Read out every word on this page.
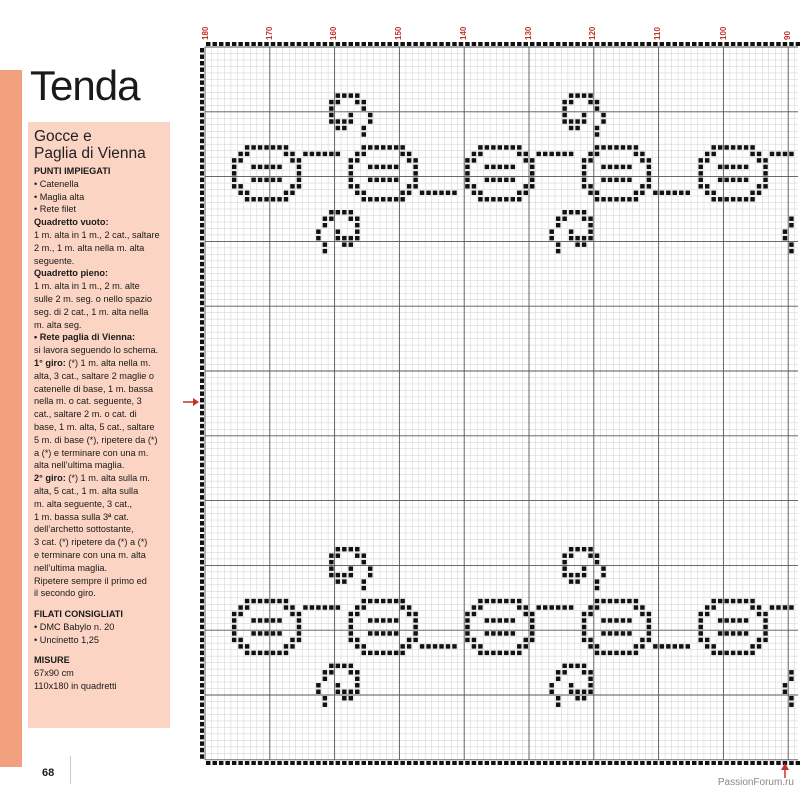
Tenda
Gocce e
Paglia di Vienna
PUNTI IMPIEGATI
• Catenella
• Maglia alta
• Rete filet
Quadretto vuoto:
1 m. alta in 1 m., 2 cat., saltare
2 m., 1 m. alta nella m. alta
seguente.
Quadretto pieno:
1 m. alta in 1 m., 2 m. alte
sulle 2 m. seg. o nello spazio
seg. di 2 cat., 1 m. alta nella
m. alta seg.
• Rete paglia di Vienna:
si lavora seguendo lo schema.
1° giro: (*) 1 m. alta nella m.
alta, 3 cat., saltare 2 maglie o
catenelle di base, 1 m. bassa
nella m. o cat. seguente, 3
cat., saltare 2 m. o cat. di
base, 1 m. alta, 5 cat., saltare
5 m. di base (*), ripetere da (*)
a (*) e terminare con una m.
alta nell’ultima maglia.
2° giro: (*) 1 m. alta sulla m.
alta, 5 cat., 1 m. alta sulla
m. alta seguente, 3 cat.,
1 m. bassa sulla 3ª cat.
dell’archetto sottostante,
3 cat. (*) ripetere da (*) a (*)
e terminare con una m. alta
nell’ultima maglia.
Ripetere sempre il primo ed
il secondo giro.
FILATI CONSIGLIATI
• DMC Babylo n. 20
• Uncinetto 1,25
MISURE
67x90 cm
110x180 in quadretti
68
180	170	160	150	140	130	120	110	100	90
PassionForum.ru
